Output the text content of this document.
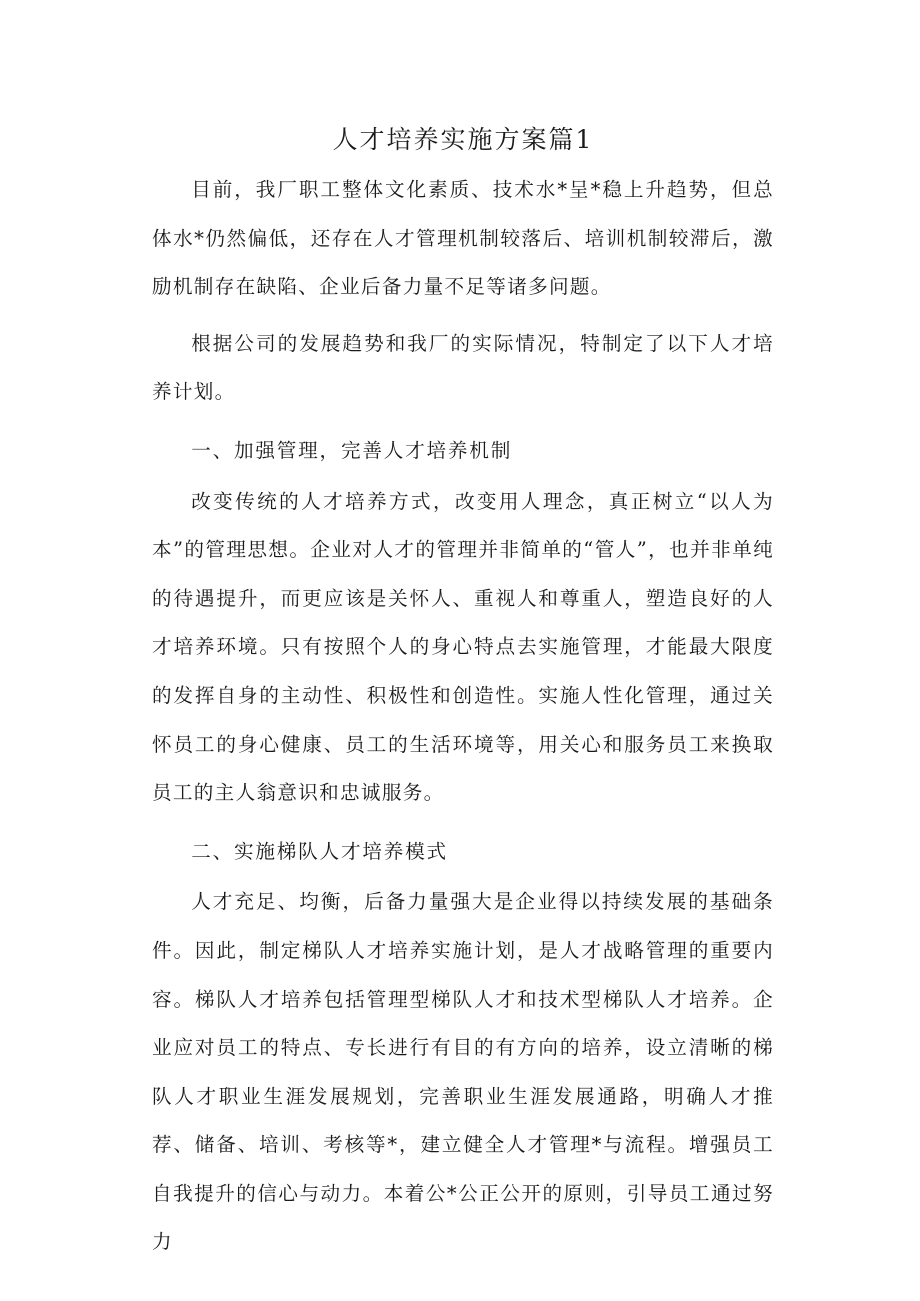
人才培养实施方案篇1

目前，我厂职工整体文化素质、技术水*呈*稳上升趋势，但总体水*仍然偏低，还存在人才管理机制较落后、培训机制较滞后，激励机制存在缺陷、企业后备力量不足等诸多问题。

根据公司的发展趋势和我厂的实际情况，特制定了以下人才培养计划。

一、加强管理，完善人才培养机制

改变传统的人才培养方式，改变用人理念，真正树立“以人为本”的管理思想。企业对人才的管理并非简单的“管人”，也并非单纯的待遇提升，而更应该是关怀人、重视人和尊重人，塑造良好的人才培养环境。只有按照个人的身心特点去实施管理，才能最大限度的发挥自身的主动性、积极性和创造性。实施人性化管理，通过关怀员工的身心健康、员工的生活环境等，用关心和服务员工来换取员工的主人翁意识和忠诚服务。

二、实施梯队人才培养模式

人才充足、均衡，后备力量强大是企业得以持续发展的基础条件。因此，制定梯队人才培养实施计划，是人才战略管理的重要内容。梯队人才培养包括管理型梯队人才和技术型梯队人才培养。企业应对员工的特点、专长进行有目的有方向的培养，设立清晰的梯队人才职业生涯发展规划，完善职业生涯发展通路，明确人才推荐、储备、培训、考核等*，建立健全人才管理*与流程。增强员工自我提升的信心与动力。本着公*公正公开的原则，引导员工通过努力
